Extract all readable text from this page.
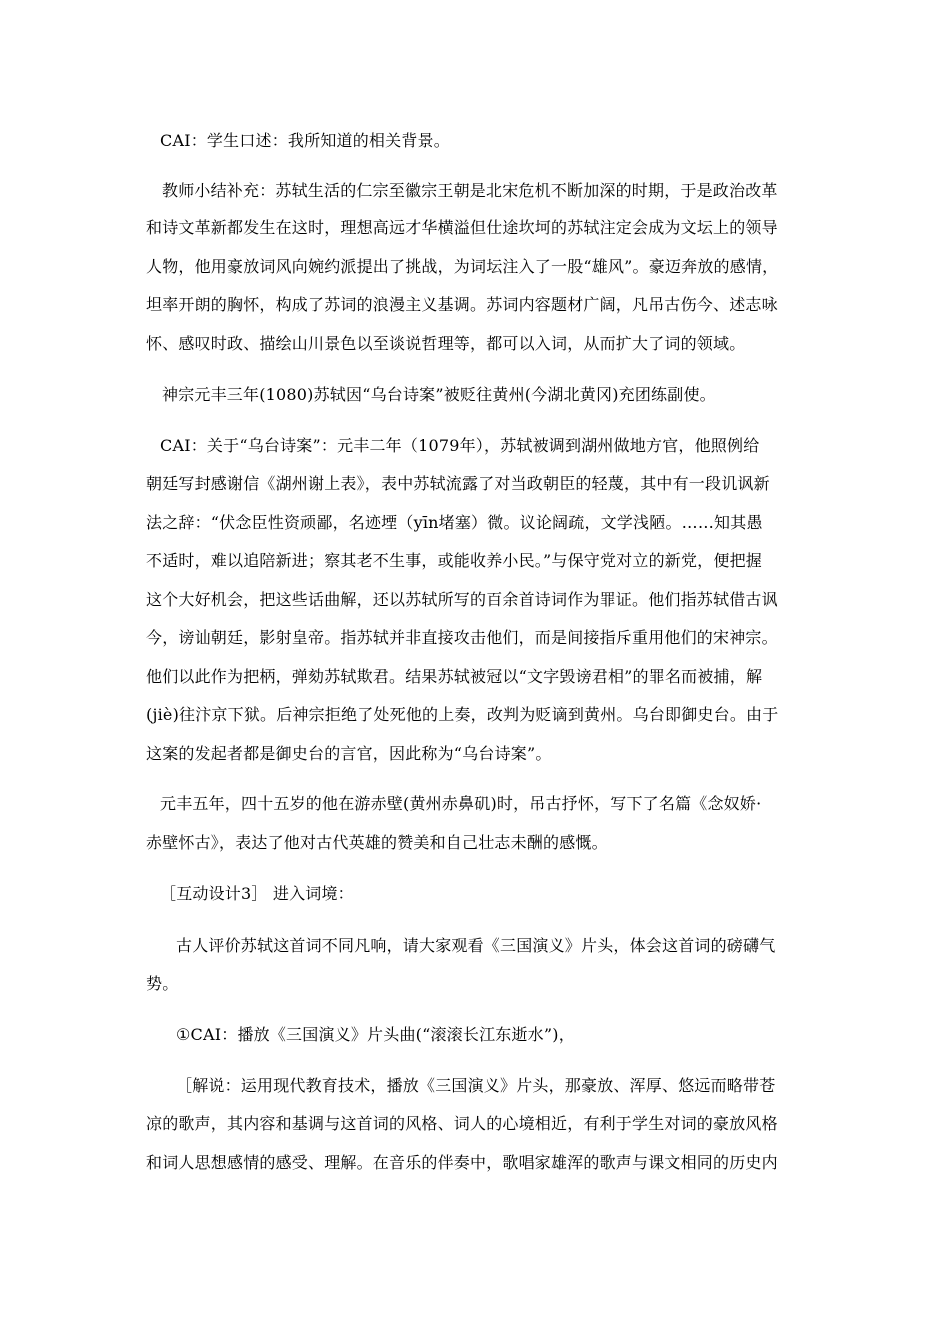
CAI：学生口述：我所知道的相关背景。
教师小结补充：苏轼生活的仁宗至徽宗王朝是北宋危机不断加深的时期，于是政治改革
和诗文革新都发生在这时，理想高远才华横溢但仕途坎坷的苏轼注定会成为文坛上的领导
人物，他用豪放词风向婉约派提出了挑战，为词坛注入了一股“雄风”。豪迈奔放的感情，
坦率开朗的胸怀，构成了苏词的浪漫主义基调。苏词内容题材广阔，凡吊古伤今、述志咏
怀、感叹时政、描绘山川景色以至谈说哲理等，都可以入词，从而扩大了词的领域。
神宗元丰三年(1080)苏轼因“乌台诗案”被贬往黄州(今湖北黄冈)充团练副使。
CAI：关于“乌台诗案”：元丰二年（1079年），苏轼被调到湖州做地方官，他照例给
朝廷写封感谢信《湖州谢上表》，表中苏轼流露了对当政朝臣的轻蔑，其中有一段讥讽新
法之辞：“伏念臣性资顽鄙，名迹堙（yīn堵塞）微。议论阔疏，文学浅陋。……知其愚
不适时，难以追陪新进；察其老不生事，或能收养小民。”与保守党对立的新党，便把握
这个大好机会，把这些话曲解，还以苏轼所写的百余首诗词作为罪证。他们指苏轼借古讽
今，谤讪朝廷，影射皇帝。指苏轼并非直接攻击他们，而是间接指斥重用他们的宋神宗。
他们以此作为把柄，弹劾苏轼欺君。结果苏轼被冠以“文字毁谤君相”的罪名而被捕，解
(jiè)往汴京下狱。后神宗拒绝了处死他的上奏，改判为贬谪到黄州。乌台即御史台。由于
这案的发起者都是御史台的言官，因此称为“乌台诗案”。
元丰五年，四十五岁的他在游赤壁(黄州赤鼻矶)时，吊古抒怀，写下了名篇《念奴娇·
赤壁怀古》，表达了他对古代英雄的赞美和自己壮志未酬的感慨。
［互动设计3］ 进入词境：
古人评价苏轼这首词不同凡响，请大家观看《三国演义》片头，体会这首词的磅礴气
势。
①CAI：播放《三国演义》片头曲(“滚滚长江东逝水”)，
［解说：运用现代教育技术，播放《三国演义》片头，那豪放、浑厚、悠远而略带苍
凉的歌声，其内容和基调与这首词的风格、词人的心境相近，有利于学生对词的豪放风格
和词人思想感情的感受、理解。在音乐的伴奏中，歌唱家雄浑的歌声与课文相同的历史内
